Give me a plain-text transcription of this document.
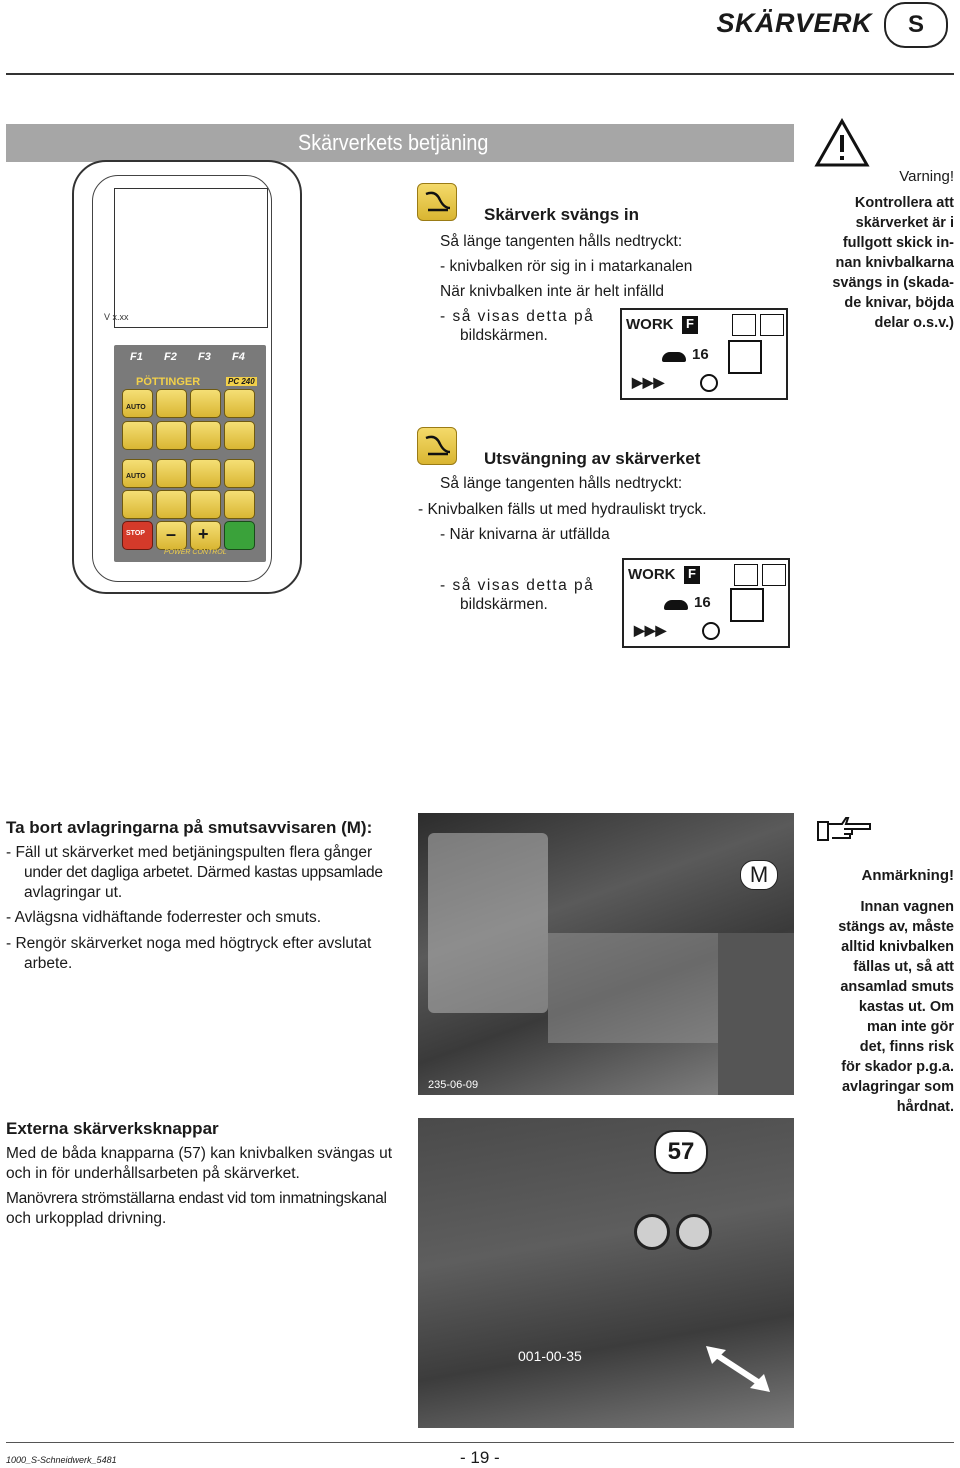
SKÄRVERK	S
Skärverkets betjäning
V x.xx
F1 F2 F3 F4
PÖTTINGER	PC 240
AUTO
AUTO
STOP – +
POWER CONTROL
Skärverk svängs in
Så länge tangenten hålls nedtryckt:
- knivbalken rör sig in i matarkanalen
När knivbalken inte är helt infälld
- så visas detta på
bildskärmen.
WORK F
16
▶▶▶
Varning!
Kontrollera att
skärverket är i
fullgott skick in-
nan knivbalkarna
svängs in (skada-
de knivar, böjda
delar o.s.v.)
Utsvängning av skärverket
Så länge tangenten hålls nedtryckt:
- Knivbalken fälls ut med hydrauliskt tryck.
- När knivarna är utfällda
- så visas detta på
bildskärmen.
WORK F
16
▶▶▶
Ta bort avlagringarna på smutsavvisaren (M):
- Fäll ut skärverket med betjäningspulten flera gånger
under det dagliga arbetet. Därmed kastas uppsamlade
avlagringar ut.
- Avlägsna vidhäftande foderrester och smuts.
- Rengör skärverket noga med högtryck efter avslutat
arbete.
M
235-06-09
Anmärkning!
Innan vagnen
stängs av, måste
alltid knivbalken
fällas ut, så att
ansamlad smuts
kastas ut. Om
man inte gör
det, finns risk
för skador p.g.a.
avlagringar som
hårdnat.
Externa skärverksknappar
Med de båda knapparna (57) kan knivbalken svängas ut
och in för underhållsarbeten på skärverket.
Manövrera strömställarna endast vid tom inmatningskanal
och urkopplad drivning.
57
001-00-35
1000_S-Schneidwerk_5481	- 19 -
